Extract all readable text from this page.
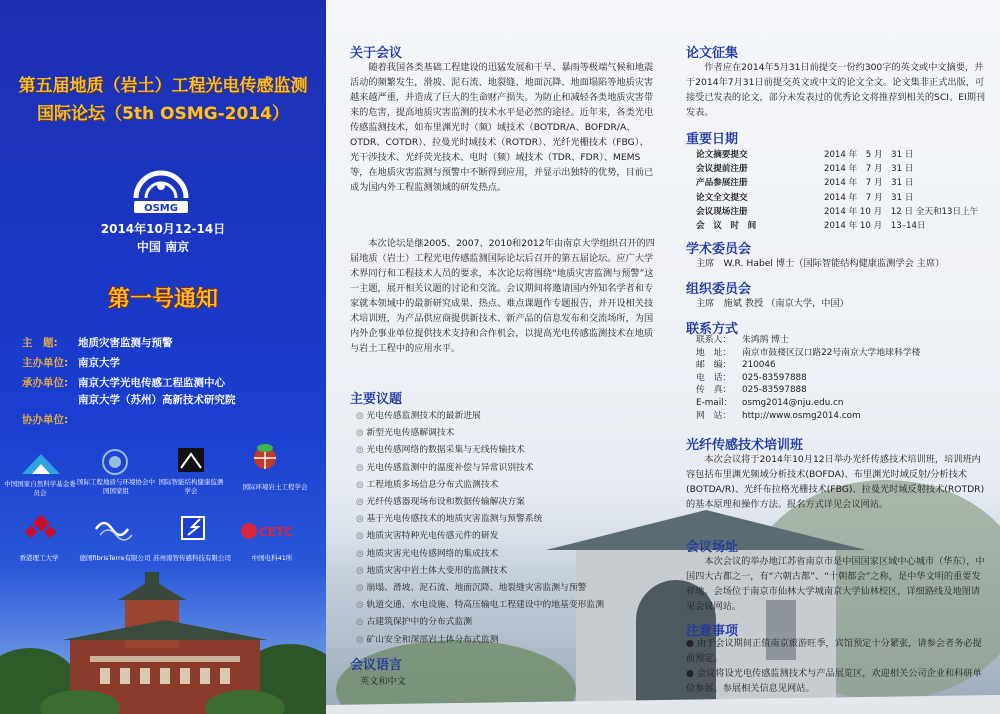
第五届地质（岩土）工程光电传感监测
国际论坛（5th OSMG-2014）
OSMG
2014年10月12-14日
中国 南京
第一号通知
主　题: 地质灾害监测与预警
主办单位: 南京大学
承办单位: 南京大学光电传感工程监测中心
南京大学（苏州）高新技术研究院
协办单位:
中国国家自然科学基金委员会
国际工程地质与环境协会中国国家组
国际智能结构健康监测学会	国际环境岩土工程学会
香港理工大学	德国fibrisTerre有限公司 苏州南智传感科技有限公司
CETC
中国电科41所
关于会议
随着我国各类基础工程建设的迅猛发展和干旱、暴雨等极端气候和地震活动的频繁发生，滑坡、泥石流、地裂缝、地面沉降、地面塌陷等地质灾害越来越严重，并造成了巨大的生命财产损失。为防止和减轻各类地质灾害带来的危害，提高地质灾害监测的技术水平是必然的途径。近年来，各类光电传感监测技术，如布里渊光时（频）域技术（BOTDR/A、BOFDR/A、OTDR、COTDR）、拉曼光时域技术（ROTDR）、光纤光栅技术（FBG）、光干涉技术、光纤荧光技术、电时（频）域技术（TDR、FDR）、MEMS等，在地质灾害监测与预警中不断得到应用，并显示出独特的优势，目前已成为国内外工程监测领域的研发热点。
本次论坛是继2005、2007、2010和2012年由南京大学组织召开的四届地质（岩土）工程光电传感监测国际论坛后召开的第五届论坛。应广大学术界同行和工程技术人员的要求，本次论坛将围绕“地质灾害监测与预警”这一主题，展开相关议题的讨论和交流。会议期间将邀请国内外知名学者和专家就本领域中的最新研究成果、热点、难点课题作专题报告，并开设相关技术培训班，为产品供应商提供新技术、新产品的信息发布和交流场所，为国内外企事业单位提供技术支持和合作机会，以提高光电传感监测技术在地质与岩土工程中的应用水平。
主要议题
◎ 光电传感监测技术的最新进展
◎ 新型光电传感解调技术
◎ 光电传感网络的数据采集与无线传输技术
◎ 光电传感监测中的温度补偿与异常识别技术
◎ 工程地质多场信息分布式监测技术
◎ 光纤传感器现场布设和数据传输解决方案
◎ 基于光电传感技术的地质灾害监测与预警系统
◎ 地质灾害特种光电传感元件的研发
◎ 地质灾害光电传感网络的集成技术
◎ 地质灾害中岩土体大变形的监测技术
◎ 崩塌、滑坡、泥石流、地面沉降、地裂缝灾害监测与预警
◎ 轨道交通、水电设施、特高压输电工程建设中的地基变形监测
◎ 古建筑保护中的分布式监测
◎ 矿山安全和深部岩土体分布式监测
会议语言
英文和中文
论文征集
作者应在2014年5月31日前提交一份约300字的英文或中文摘要，并于2014年7月31日前提交英文或中文的论文全文。论文集非正式出版，可接受已发表的论文，部分未发表过的优秀论文将推荐到相关的SCI、EI期刊发表。
重要日期
论文摘要提交	2014 年　5 月　31 日
会议提前注册	2014 年　7 月　31 日
产品参展注册	2014 年　7 月　31 日
论文全文提交	2014 年　7 月　31 日
会议现场注册	2014 年 10 月　12 日 全天和13日上午
会　议　时　间	2014 年 10 月　13–14日
学术委员会
主席　W.R. Habel 博士（国际智能结构健康监测学会 主席）
组织委员会
主席　施斌 教授 （南京大学，中国）
联系方式
联系人：	朱鸿鹄 博士
地　址：	南京市鼓楼区汉口路22号南京大学地球科学楼
邮　编：	210046
电　话：	025-83597888
传　真：	025-83597888
E-mail：	osmg2014@nju.edu.cn
网　站：	http://www.osmg2014.com
光纤传感技术培训班
本次会议将于2014年10月12日举办光纤传感技术培训班，培训班内容包括布里渊光频域分析技术(BOFDA)、布里渊光时域反射/分析技术(BOTDA/R)、光纤布拉格光栅技术(FBG)、拉曼光时域反射技术(ROTDR)的基本原理和操作方法。报名方式详见会议网站。
会议场址
本次会议的举办地江苏省南京市是中国国家区域中心城市（华东），中国四大古都之一，有“六朝古都”、“十朝都会”之称，是中华文明的重要发祥地。会场位于南京市仙林大学城南京大学仙林校区，详细路线及地图请见会议网站。
注意事项
● 由于会议期间正值南京旅游旺季，宾馆预定十分紧张，请参会者务必提前预定。
● 会议将设光电传感监测技术与产品展览区，欢迎相关公司企业和科研单位参展。参展相关信息见网站。
